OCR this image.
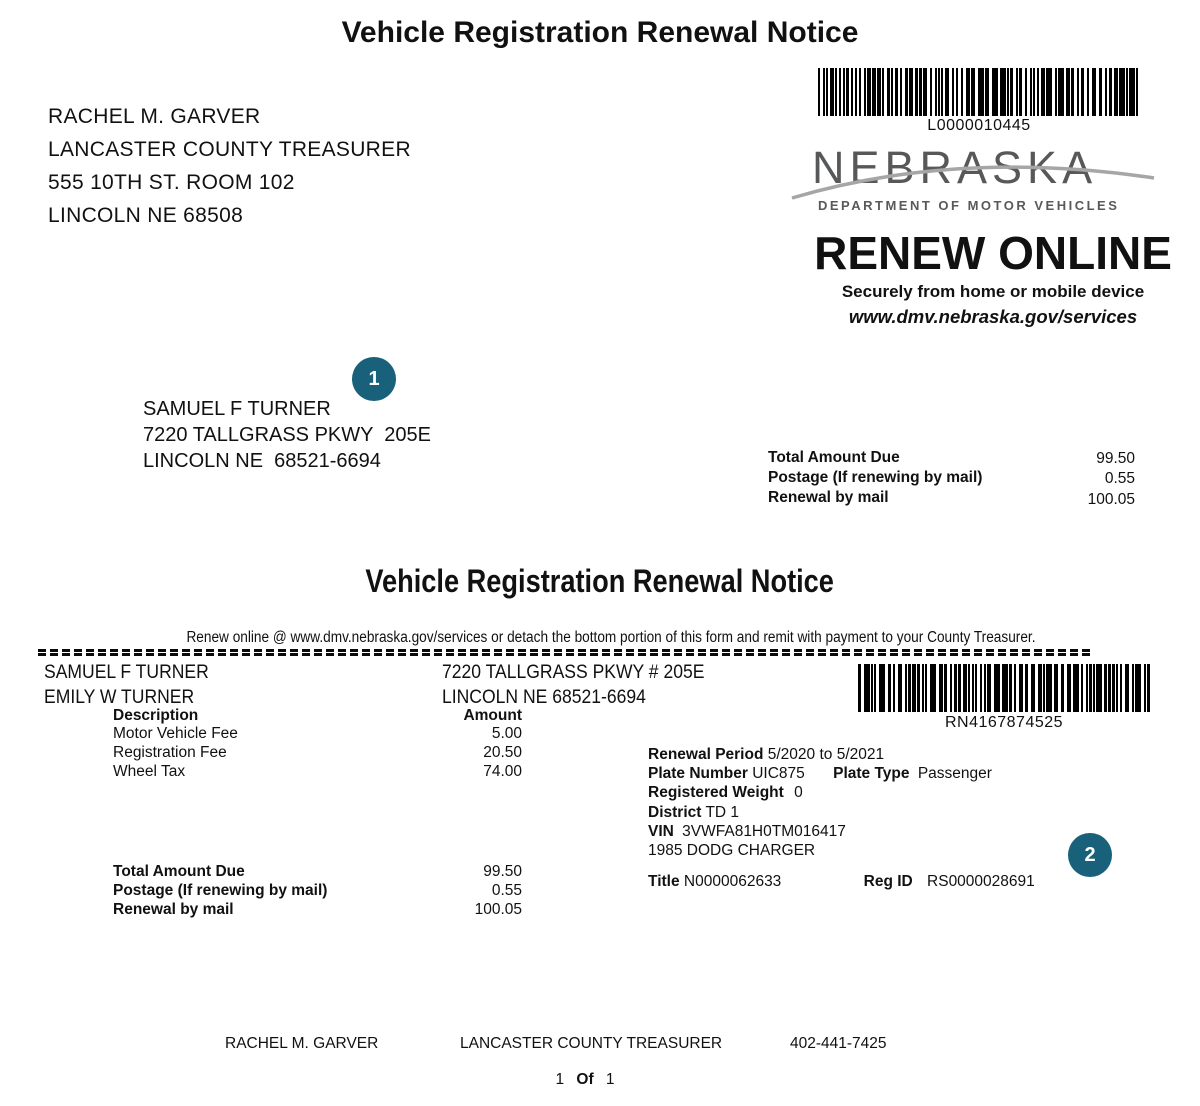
Vehicle Registration Renewal Notice
RACHEL M. GARVER
LANCASTER COUNTY TREASURER
555 10TH ST. ROOM 102
LINCOLN NE 68508
L0000010445
NEBRASKA
DEPARTMENT OF MOTOR VEHICLES
RENEW ONLINE
Securely from home or mobile device
www.dmv.nebraska.gov/services
1
SAMUEL F TURNER
7220 TALLGRASS PKWY  205E
LINCOLN NE  68521-6694	Total Amount Due	99.50
Postage (If renewing by mail)	0.55
Renewal by mail	100.05
Vehicle Registration Renewal Notice
Renew online @ www.dmv.nebraska.gov/services or detach the bottom portion of this form and remit with payment to your County Treasurer.
SAMUEL F TURNER
EMILY W TURNER
7220 TALLGRASS PKWY # 205E
LINCOLN NE 68521-6694
RN4167874525
Description	Amount
Motor Vehicle Fee	5.00
Registration Fee	20.50
Wheel Tax	74.00
Renewal Period 5/2020 to 5/2021
Plate Number UIC875 Plate Type Passenger
Registered Weight 0
District TD 1
VIN 3VWFA81H0TM016417
1985 DODG CHARGER
Title N0000062633	Reg ID RS0000028691
2
Total Amount Due	99.50
Postage (If renewing by mail)	0.55
Renewal by mail	100.05
RACHEL M. GARVER	LANCASTER COUNTY TREASURER	402-441-7425
1 Of 1
